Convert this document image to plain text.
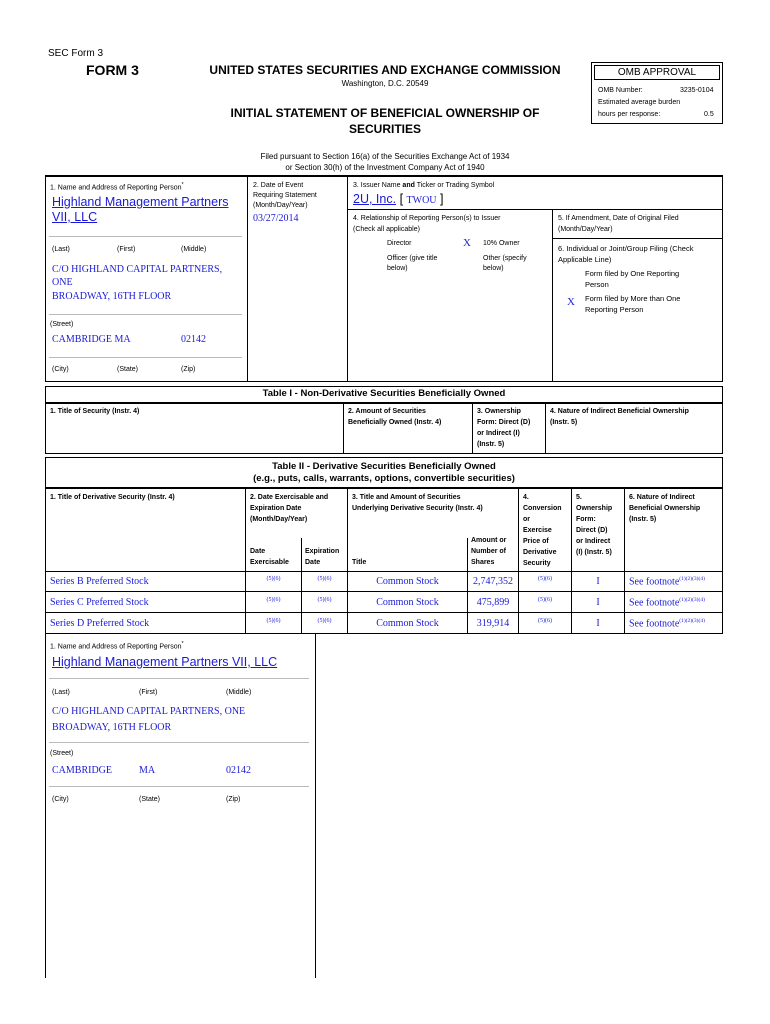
SEC Form 3
FORM 3	UNITED STATES SECURITIES AND EXCHANGE COMMISSION
Washington, D.C. 20549
INITIAL STATEMENT OF BENEFICIAL OWNERSHIP OF
SECURITIES
Filed pursuant to Section 16(a) of the Securities Exchange Act of 1934
or Section 30(h) of the Investment Company Act of 1940
OMB APPROVAL
OMB Number:	3235-0104
Estimated average burden
hours per response:	0.5
1. Name and Address of Reporting Person*
Highland Management Partners
VII, LLC
(Last)	(First)	(Middle)
C/O HIGHLAND CAPITAL PARTNERS,
ONE
BROADWAY, 16TH FLOOR
(Street)
CAMBRIDGE MA	02142
(City)	(State)	(Zip)
2. Date of Event
Requiring Statement
(Month/Day/Year)
03/27/2014
3. Issuer Name and Ticker or Trading Symbol
2U, Inc. [ TWOU ]
4. Relationship of Reporting Person(s) to Issuer
(Check all applicable)
Director	X 10% Owner
Officer (give title
below)
Other (specify
below)
5. If Amendment, Date of Original Filed
(Month/Day/Year)
6. Individual or Joint/Group Filing (Check
Applicable Line)
Form filed by One Reporting
Person
X Form filed by More than One
Reporting Person
Table I - Non-Derivative Securities Beneficially Owned
1. Title of Security (Instr. 4)	2. Amount of Securities
Beneficially Owned (Instr. 4)
3. Ownership
Form: Direct (D)
or Indirect (I)
(Instr. 5)
4. Nature of Indirect Beneficial Ownership
(Instr. 5)
Table II - Derivative Securities Beneficially Owned
(e.g., puts, calls, warrants, options, convertible securities)
1. Title of Derivative Security (Instr. 4)	2. Date Exercisable and
Expiration Date
(Month/Day/Year)
Date
Exercisable
Expiration
Date
3. Title and Amount of Securities
Underlying Derivative Security (Instr. 4)
Title
Amount or
Number of
Shares
4.
Conversion
or
Exercise
Price of
Derivative
Security
5.
Ownership
Form:
Direct (D)
or Indirect
(I) (Instr. 5)
6. Nature of Indirect
Beneficial Ownership
(Instr. 5)
Series B Preferred Stock	(5)(6)	(5)(6)	Common Stock	2,747,352	(5)(6)	I	See footnote$^{(1)(2)(3)(4)}$
Series C Preferred Stock	(5)(6)	(5)(6)	Common Stock	475,899	(5)(6)	I	See footnote$^{(1)(2)(3)(4)}$
Series D Preferred Stock	(5)(6)	(5)(6)	Common Stock	319,914	(5)(6)	I	See footnote$^{(1)(2)(3)(4)}$
1. Name and Address of Reporting Person*
Highland Management Partners VII, LLC
(Last)	(First)	(Middle)
C/O HIGHLAND CAPITAL PARTNERS, ONE
BROADWAY, 16TH FLOOR
(Street)
CAMBRIDGE	MA	02142
(City)	(State)	(Zip)
